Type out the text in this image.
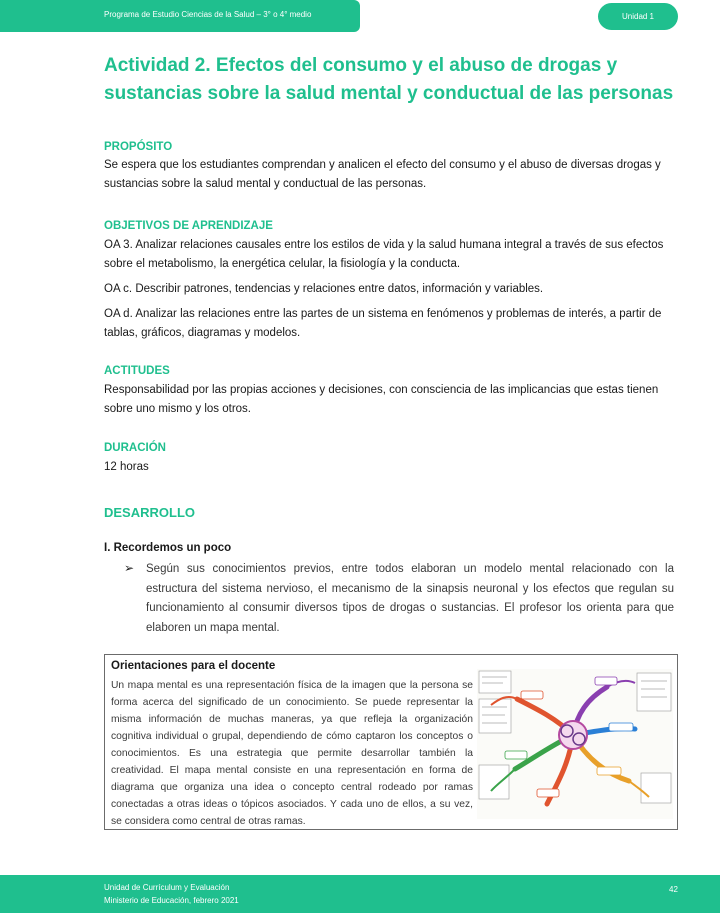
Programa de Estudio Ciencias de la Salud – 3° o 4° medio	Unidad 1
Actividad 2. Efectos del consumo y el abuso de drogas y sustancias sobre la salud mental y conductual de las personas
PROPÓSITO
Se espera que los estudiantes comprendan y analicen el efecto del consumo y el abuso de diversas drogas y sustancias sobre la salud mental y conductual de las personas.
OBJETIVOS DE APRENDIZAJE
OA 3. Analizar relaciones causales entre los estilos de vida y la salud humana integral a través de sus efectos sobre el metabolismo, la energética celular, la fisiología y la conducta.
OA c. Describir patrones, tendencias y relaciones entre datos, información y variables.
OA d. Analizar las relaciones entre las partes de un sistema en fenómenos y problemas de interés, a partir de tablas, gráficos, diagramas y modelos.
ACTITUDES
Responsabilidad por las propias acciones y decisiones, con consciencia de las implicancias que estas tienen sobre uno mismo y los otros.
DURACIÓN
12 horas
DESARROLLO
I. Recordemos un poco
➢ Según sus conocimientos previos, entre todos elaboran un modelo mental relacionado con la estructura del sistema nervioso, el mecanismo de la sinapsis neuronal y los efectos que regulan su funcionamiento al consumir diversos tipos de drogas o sustancias. El profesor los orienta para que elaboren un mapa mental.
Orientaciones para el docente
Un mapa mental es una representación física de la imagen que la persona se forma acerca del significado de un conocimiento. Se puede representar la misma información de muchas maneras, ya que refleja la organización cognitiva individual o grupal, dependiendo de cómo captaron los conceptos o conocimientos. Es una estrategia que permite desarrollar también la creatividad. El mapa mental consiste en una representación en forma de diagrama que organiza una idea o concepto central rodeado por ramas conectadas a otras ideas o tópicos asociados. Y cada uno de ellos, a su vez, se considera como central de otras ramas.
Unidad de Currículum y Evaluación
Ministerio de Educación, febrero 2021
42
